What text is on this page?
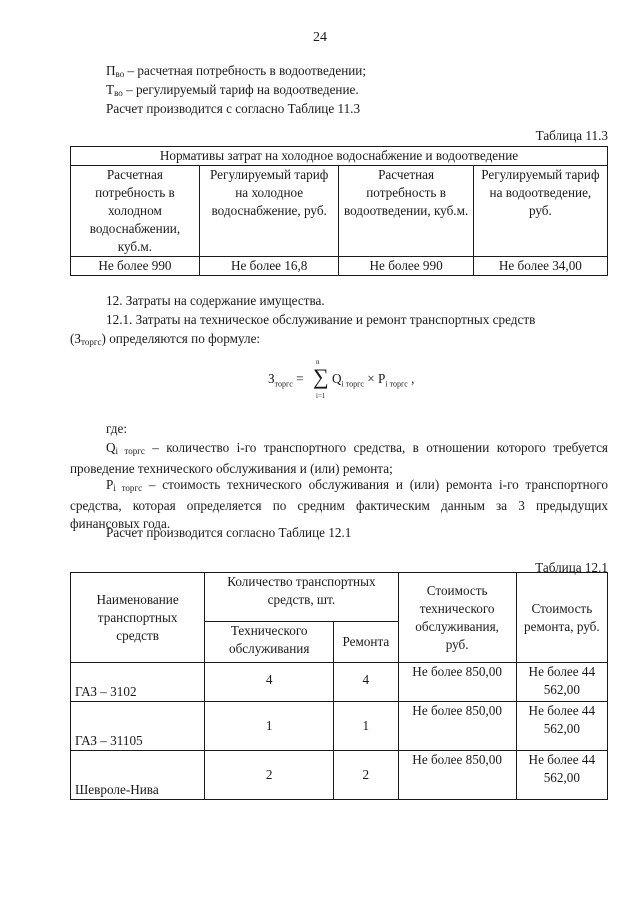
24
$П_{во}$ – расчетная потребность в водоотведении;
$Т_{во}$ – регулируемый тариф на водоотведение.
Расчет производится с согласно Таблице 11.3
Таблица 11.3
Нормативы затрат на холодное водоснабжение и водоотведение			
Расчетная потребность в холодном водоснабжении, куб.м.	Регулируемый тариф на холодное водоснабжение, руб.	Расчетная потребность в водоотведении, куб.м.	Регулируемый тариф на водоотведение, руб.
Не более 990	Не более 16,8	Не более 990	Не более 34,00
12. Затраты на содержание имущества.
12.1. Затраты на техническое обслуживание и ремонт транспортных средств
$(З_{торгс})$ определяются по формуле:
$З_{торгс}$ =
n
∑
i=1
$Q_{i торгс} \times P_{i торгс}$ ,
где:
$Q_{i торгс}$ – количество i-го транспортного средства, в отношении которого требуется проведение технического обслуживания и (или) ремонта;
$P_{i торгс}$ – стоимость технического обслуживания и (или) ремонта i-го транспортного средства, которая определяется по средним фактическим данным за 3 предыдущих финансовых года.
Расчет производится согласно Таблице 12.1
Таблица 12.1
Наименование транспортных средств	Количество транспортных средств, шт.		Стоимость технического обслуживания, руб.	Стоимость ремонта, руб.
	Технического обслуживания	Ремонта		
ГАЗ – 3102	4	4	Не более 850,00	Не более 44 562,00
ГАЗ – 31105	1	1	Не более 850,00	Не более 44 562,00
Шевроле-Нива	2	2	Не более 850,00	Не более 44 562,00
